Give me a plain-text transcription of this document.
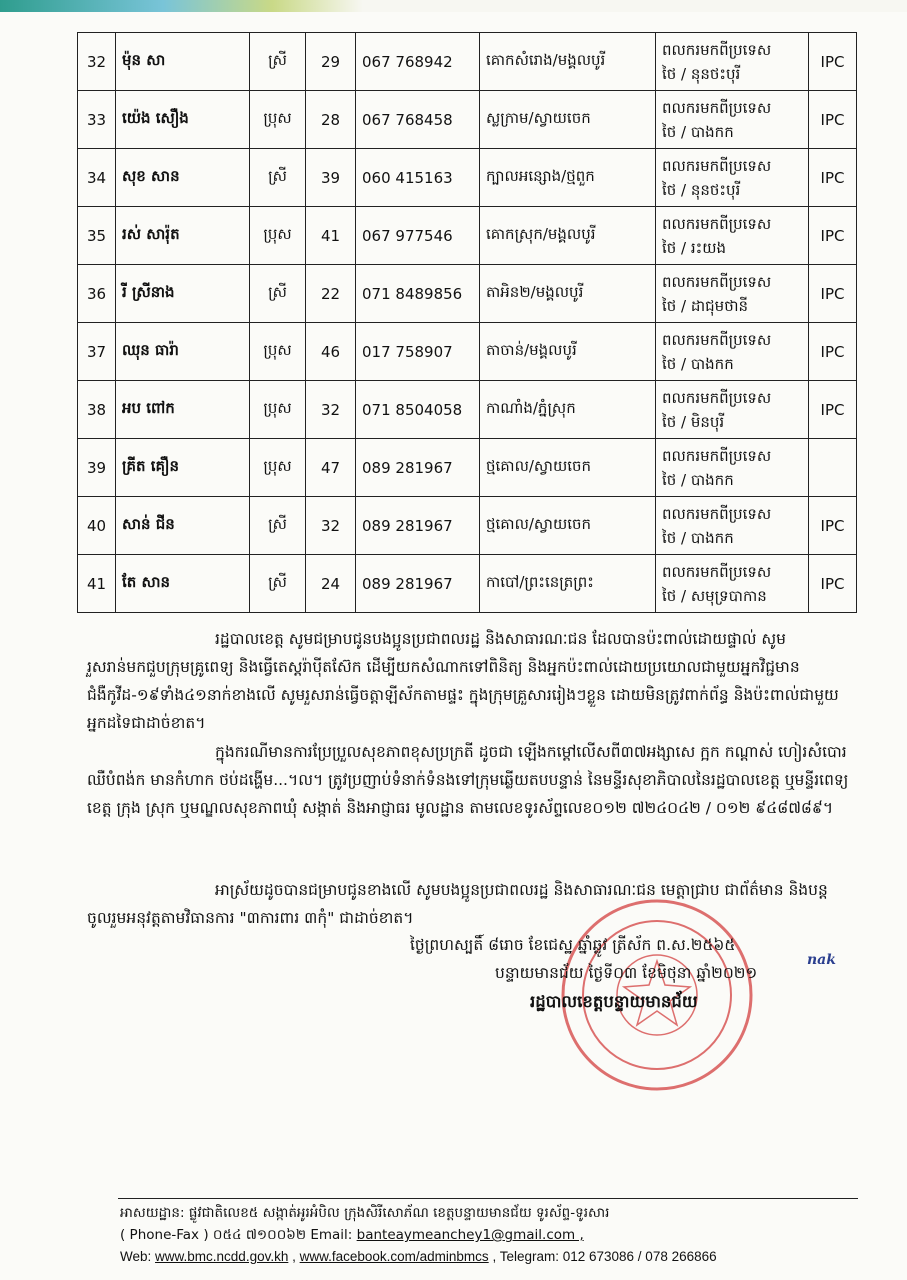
32	ម៉ុន សា	ស្រី	29	067 768942	គោកសំរោង/មង្គលបូរី	ពលករមកពីប្រទេស
ថៃ / នុនថះបុរី	IPC
33	យ៉េង សឿង	ប្រុស	28	067 768458	ស្លក្រាម/ស្វាយចេក	ពលករមកពីប្រទេស
ថៃ / បាងកក	IPC
34	សុខ សាន	ស្រី	39	060 415163	ក្បាលអន្សោង/ថ្មពួក	ពលករមកពីប្រទេស
ថៃ / នុនថះបុរី	IPC
35	រស់ សារ៉ុត	ប្រុស	41	067 977546	គោកស្រុក/មង្គលបូរី	ពលករមកពីប្រទេស
ថៃ / រះយង	IPC
36	រី ស្រីនាង	ស្រី	22	071 8489856	តាអិន២/មង្គលបូរី	ពលករមកពីប្រទេស
ថៃ / ដាជុមថានី	IPC
37	ឈុន ធារ៉ា	ប្រុស	46	017 758907	តាចាន់/មង្គលបូរី	ពលករមកពីប្រទេស
ថៃ / បាងកក	IPC
38	អប ពៅក	ប្រុស	32	071 8504058	កាណាំង/ភ្នំស្រុក	ពលករមកពីប្រទេស
ថៃ / មិនបុរី	IPC
39	គ្រីត គឿន	ប្រុស	47	089 281967	ថ្មគោល/ស្វាយចេក	ពលករមកពីប្រទេស
ថៃ / បាងកក	

40	សាន់ ជីន	ស្រី	32	089 281967	ថ្មគោល/ស្វាយចេក	ពលករមកពីប្រទេស
ថៃ / បាងកក	IPC
41	តែ សាន	ស្រី	24	089 281967	កាបៅ/ព្រះនេត្រព្រះ	ពលករមកពីប្រទេស
ថៃ / សមុទ្របាកាន	IPC
រដ្ឋបាលខេត្ត សូមជម្រាបជូនបងប្អូនប្រជាពលរដ្ឋ និងសាធារណៈជន ដែលបានប៉ះពាល់ដោយផ្ទាល់ សូមរួសរាន់មកជួបក្រុមគ្រូពេទ្យ និងធ្វើតេស្តរ៉ាប៉ីតស៊ែក ដើម្បីយកសំណាកទៅពិនិត្យ និងអ្នកប៉ះពាល់ដោយប្រយោលជាមួយអ្នកវិជ្ជមានជំងឺកូវីដ-១៩ទាំង៤១នាក់ខាងលើ សូមរួសរាន់ធ្វើចត្តាឡីស័កតាមផ្ទះ ក្នុងក្រុមគ្រួសាររៀងៗខ្លួន ដោយមិនត្រូវពាក់ព័ន្ធ និងប៉ះពាល់ជាមួយអ្នកដទៃជាដាច់ខាត។
ក្នុងករណីមានការប្រែប្រួលសុខភាពខុសប្រក្រតី ដូចជា ឡើងកម្ដៅលើសពី៣៧អង្សាសេ ក្អក កណ្ដាស់ ហៀរសំបោរ ឈឺបំពង់ក មានកំហាក ថប់ដង្ហើម...។ល។ ត្រូវប្រញាប់ទំនាក់ទំនងទៅក្រុមឆ្លើយតបបន្ទាន់ នៃមន្ទីរសុខាភិបាលនៃរដ្ឋបាលខេត្ត ឬមន្ទីរពេទ្យខេត្ត ក្រុង ស្រុក ឬមណ្ឌលសុខភាពឃុំ សង្កាត់ និងអាជ្ញាធរ មូលដ្ឋាន តាមលេខទូរស័ព្ទលេខ០១២ ៧២៤០៤២ / ០១២ ៩៤៨៧៨៩។
អាស្រ័យដូចបានជម្រាបជូនខាងលើ សូមបងប្អូនប្រជាពលរដ្ឋ និងសាធារណៈជន មេត្តាជ្រាប ជាព័ត៌មាន និងបន្តចូលរួមអនុវត្តតាមវិធានការ "៣ការពារ ៣កុំ" ជាដាច់ខាត។
ថ្ងៃព្រហស្បតិ៍ ៨រោច ខែជេស្ឋ ឆ្នាំឆ្លូវ ត្រីស័ក ព.ស.២៥៦៥
បន្ទាយមានជ័យ ថ្ងៃទី០៣ ខែមិថុនា ឆ្នាំ២០២១
nak
រដ្ឋបាលខេត្តបន្ទាយមានជ័យ
អាសយដ្ឋាន: ផ្លូវជាតិលេខ៥ សង្កាត់អូរអំបិល ក្រុងសិរីសោភ័ណ ខេត្តបន្ទាយមានជ័យ ទូរស័ព្ទ-ទូរសារ
( Phone-Fax ) ០៥៤ ៧១០០៦២ Email: banteaymeanchey1@gmail.com ,
Web: www.bmc.ncdd.gov.kh , www.facebook.com/adminbmcs , Telegram: 012 673086 / 078 266866
